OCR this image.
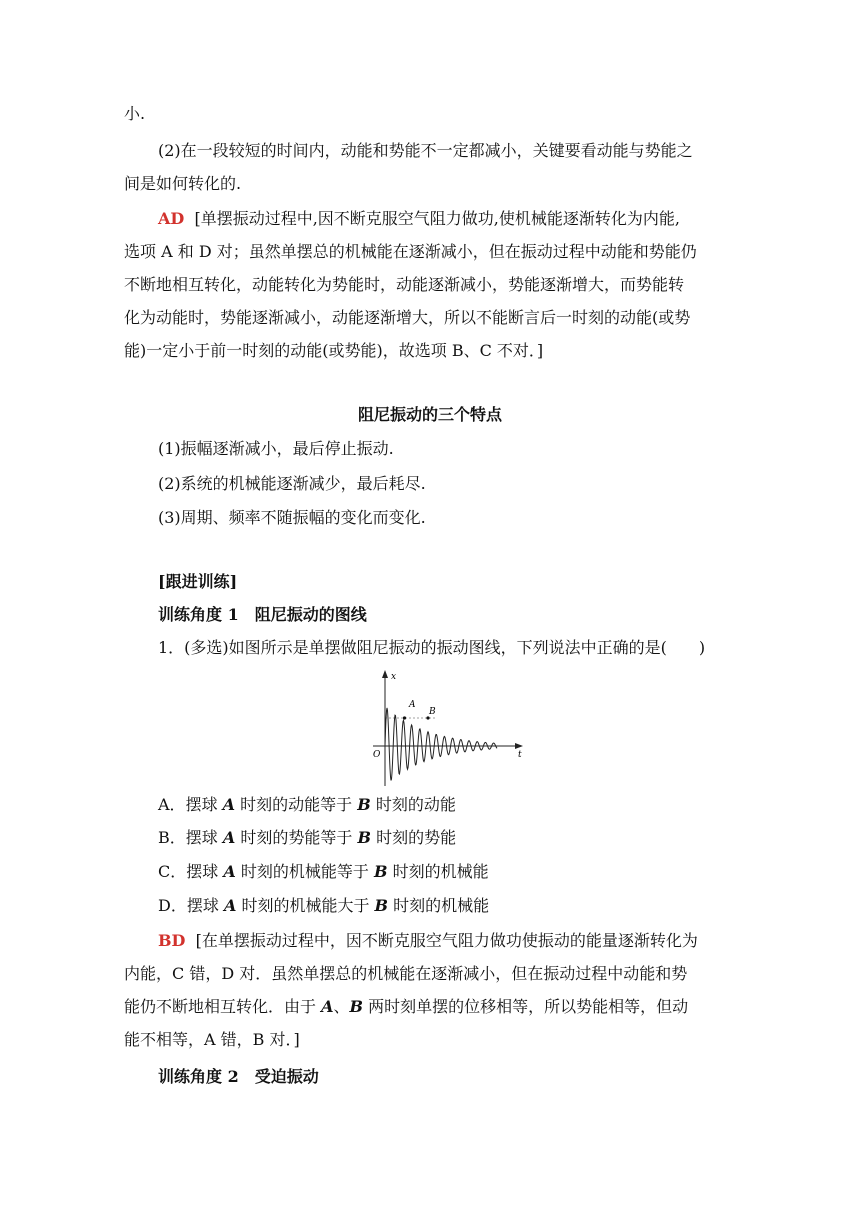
小.
(2)在一段较短的时间内，动能和势能不一定都减小，关键要看动能与势能之
间是如何转化的.
AD [单摆振动过程中,因不断克服空气阻力做功,使机械能逐渐转化为内能,
选项 A 和 D 对；虽然单摆总的机械能在逐渐减小，但在振动过程中动能和势能仍
不断地相互转化，动能转化为势能时，动能逐渐减小，势能逐渐增大，而势能转
化为动能时，势能逐渐减小，动能逐渐增大，所以不能断言后一时刻的动能(或势
能)一定小于前一时刻的动能(或势能)，故选项 B、C 不对．]
阻尼振动的三个特点
(1)振幅逐渐减小，最后停止振动.
(2)系统的机械能逐渐减少，最后耗尽.
(3)周期、频率不随振幅的变化而变化.
[跟进训练]
训练角度 1　阻尼振动的图线
1．(多选)如图所示是单摆做阻尼振动的振动图线，下列说法中正确的是(　　)
x
t
O
A
B
A．摆球 A 时刻的动能等于 B 时刻的动能
B．摆球 A 时刻的势能等于 B 时刻的势能
C．摆球 A 时刻的机械能等于 B 时刻的机械能
D．摆球 A 时刻的机械能大于 B 时刻的机械能
BD [在单摆振动过程中，因不断克服空气阻力做功使振动的能量逐渐转化为
内能，C 错，D 对．虽然单摆总的机械能在逐渐减小，但在振动过程中动能和势
能仍不断地相互转化．由于 A、B 两时刻单摆的位移相等，所以势能相等，但动
能不相等，A 错，B 对．]
训练角度 2　受迫振动
